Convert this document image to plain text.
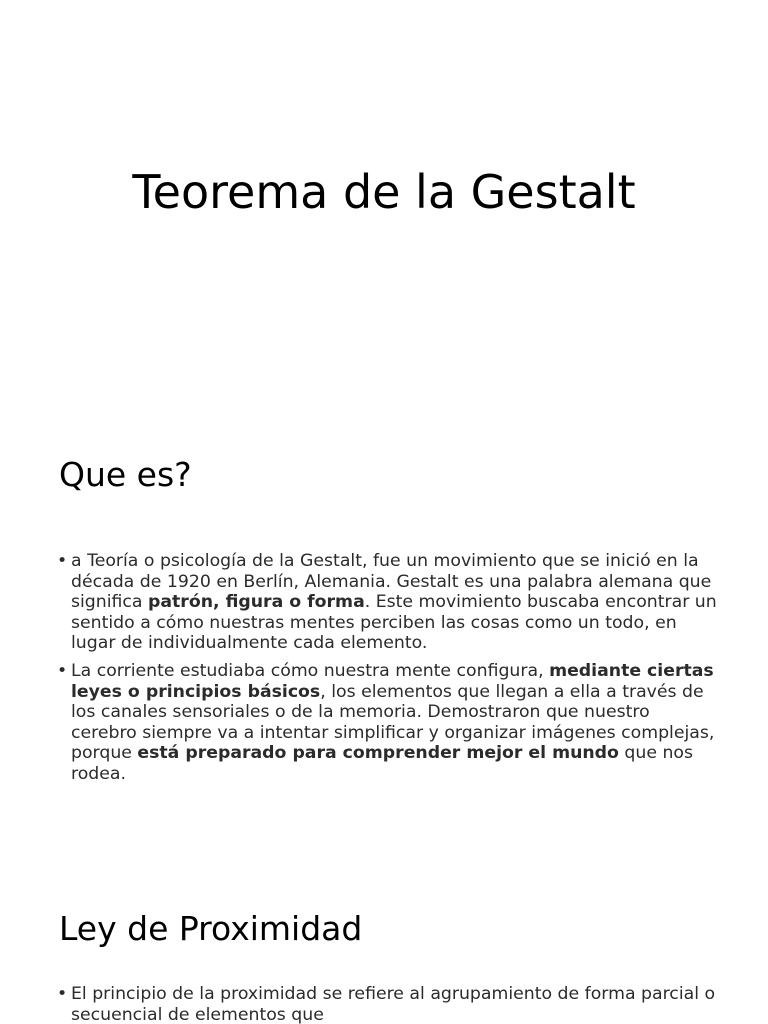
Teorema de la Gestalt
Que es?
• a Teoría o psicología de la Gestalt, fue un movimiento que se inició en la década de 1920 en Berlín, Alemania. Gestalt es una palabra alemana que significa patrón, figura o forma. Este movimiento buscaba encontrar un sentido a cómo nuestras mentes perciben las cosas como un todo, en lugar de individualmente cada elemento.
• La corriente estudiaba cómo nuestra mente configura, mediante ciertas leyes o principios básicos, los elementos que llegan a ella a través de los canales sensoriales o de la memoria. Demostraron que nuestro cerebro siempre va a intentar simplificar y organizar imágenes complejas, porque está preparado para comprender mejor el mundo que nos rodea.
Ley de Proximidad
• El principio de la proximidad se refiere al agrupamiento de forma parcial o secuencial de elementos que
